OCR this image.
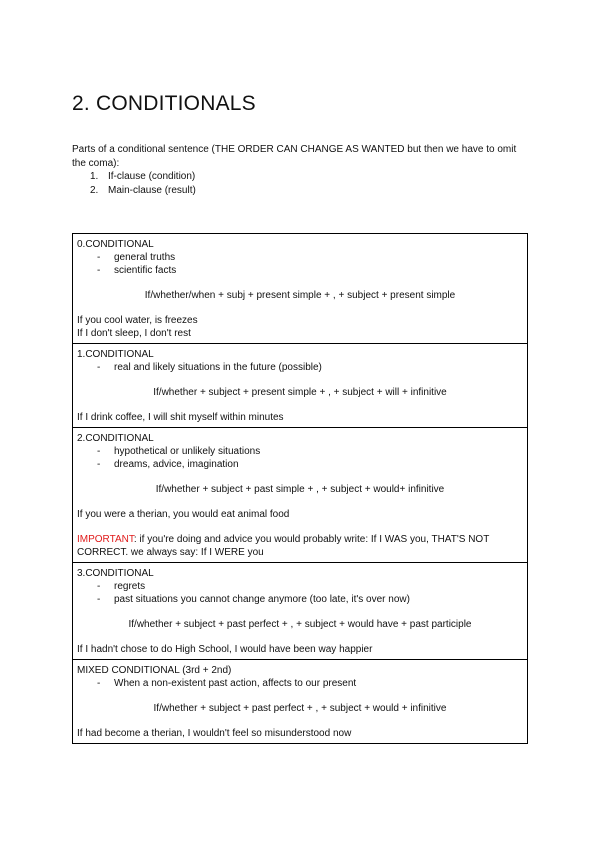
2. CONDITIONALS
Parts of a conditional sentence (THE ORDER CAN CHANGE AS WANTED but then we have to omit the coma):
1. If-clause (condition)
2. Main-clause (result)
0.CONDITIONAL
-	general truths
-	scientific facts
If/whether/when + subj + present simple + , + subject + present simple
If you cool water, is freezes
If I don't sleep, I don't rest
1.CONDITIONAL
-	real and likely situations in the future (possible)
If/whether + subject + present simple + , + subject + will + infinitive
If I drink coffee, I will shit myself within minutes
2.CONDITIONAL
-	hypothetical or unlikely situations
-	dreams, advice, imagination
If/whether + subject + past simple + , + subject + would+ infinitive
If you were a therian, you would eat animal food
IMPORTANT: if you're doing and advice you would probably write: If I WAS you, THAT'S NOT CORRECT. we always say: If I WERE you
3.CONDITIONAL
-	regrets
-	past situations you cannot change anymore (too late, it's over now)
If/whether + subject + past perfect + , + subject + would have + past participle
If I hadn't chose to do High School, I would have been way happier
MIXED CONDITIONAL (3rd + 2nd)
-	When a non-existent past action, affects to our present
If/whether + subject + past perfect + , + subject + would + infinitive
If had become a therian, I wouldn't feel so misunderstood now
